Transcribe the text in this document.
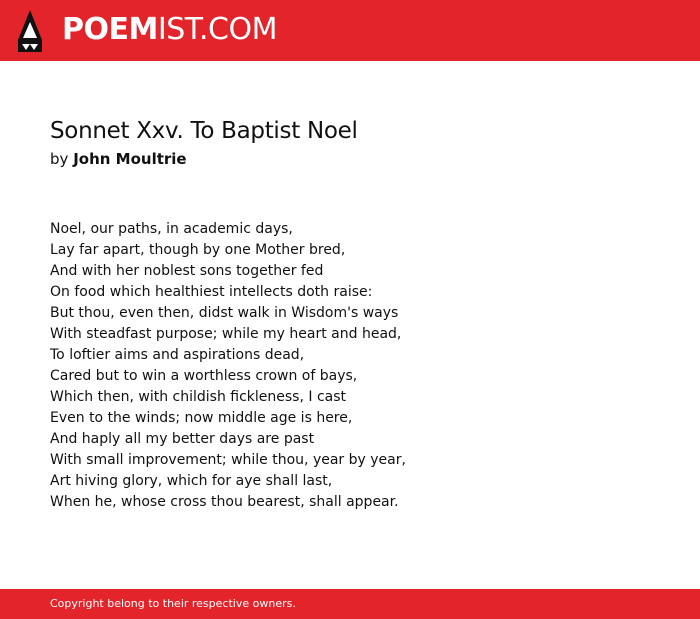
POEMIST.COM
Sonnet Xxv. To Baptist Noel
by John Moultrie
Noel, our paths, in academic days,
Lay far apart, though by one Mother bred,
And with her noblest sons together fed
On food which healthiest intellects doth raise:
But thou, even then, didst walk in Wisdom's ways
With steadfast purpose; while my heart and head,
To loftier aims and aspirations dead,
Cared but to win a worthless crown of bays,
Which then, with childish fickleness, I cast
Even to the winds; now middle age is here,
And haply all my better days are past
With small improvement; while thou, year by year,
Art hiving glory, which for aye shall last,
When he, whose cross thou bearest, shall appear.
Copyright belong to their respective owners.
